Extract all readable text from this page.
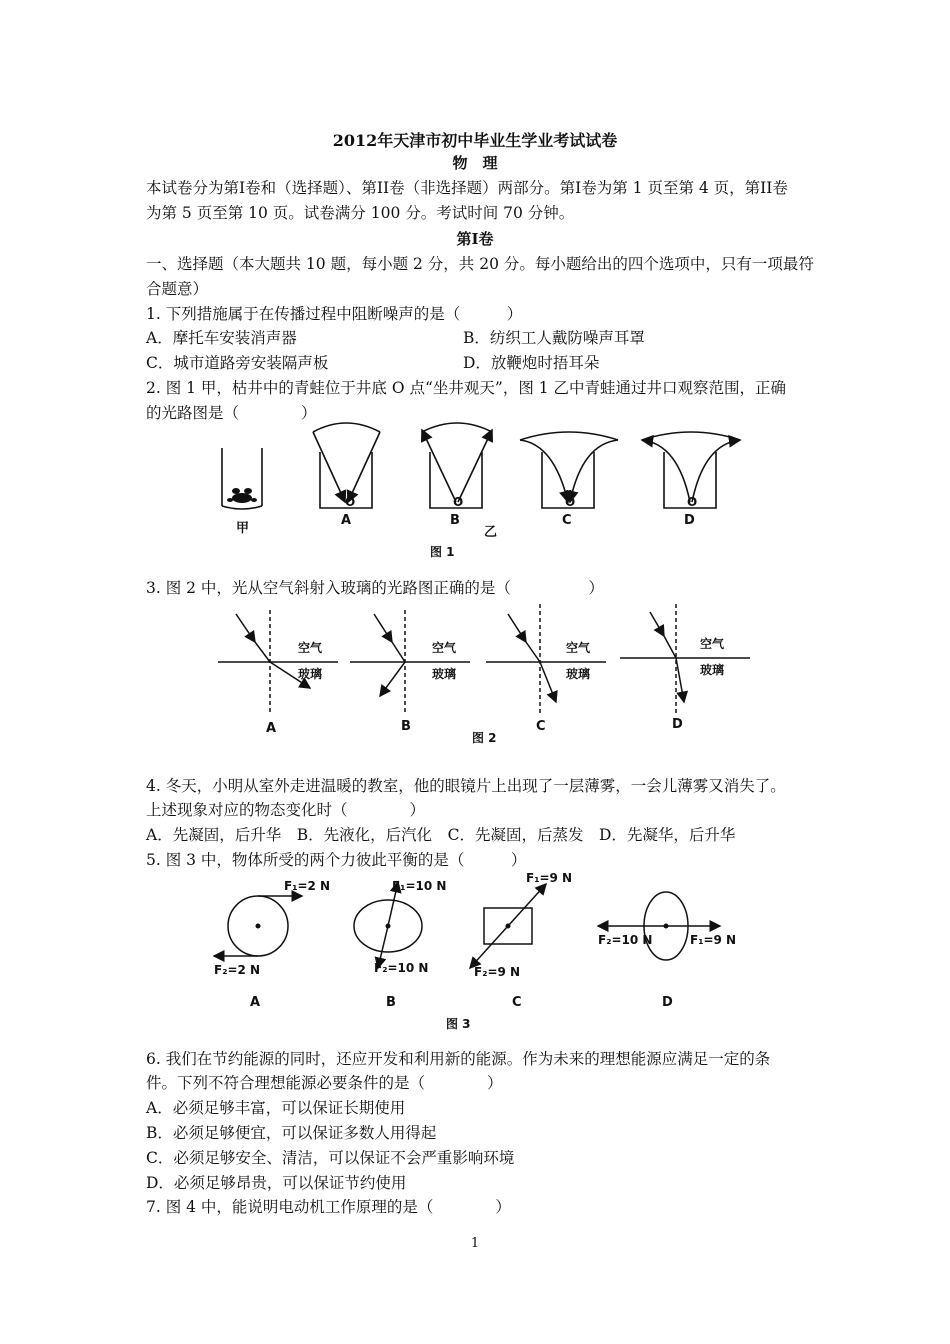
2012年天津市初中毕业生学业考试试卷
物　理
本试卷分为第Ⅰ卷和（选择题）、第II卷（非选择题）两部分。第Ⅰ卷为第 1 页至第 4 页，第II卷
为第 5 页至第 10 页。试卷满分 100 分。考试时间 70 分钟。
第Ⅰ卷
一、选择题（本大题共 10 题，每小题 2 分，共 20 分。每小题给出的四个选项中，只有一项最符
合题意）
1. 下列措施属于在传播过程中阻断噪声的是（　　　）
A．摩托车安装消声器	B．纺织工人戴防噪声耳罩
C．城市道路旁安装隔声板	D．放鞭炮时捂耳朵
2. 图 1 甲，枯井中的青蛙位于井底 O 点“坐井观天”，图 1 乙中青蛙通过井口观察范围，正确
的光路图是（　　　　）
O	O	O	O
甲
A	B
乙
C	D
图 1
3. 图 2 中，光从空气斜射入玻璃的光路图正确的是（　　　　　）
空气
玻璃
空气
玻璃
空气
玻璃
空气
玻璃
A	B	C	D
图 2
4. 冬天，小明从室外走进温暖的教室，他的眼镜片上出现了一层薄雾，一会儿薄雾又消失了。
上述现象对应的物态变化时（　　　　）
A．先凝固，后升华　B．先液化，后汽化　C．先凝固，后蒸发　D．先凝华，后升华
5. 图 3 中，物体所受的两个力彼此平衡的是（　　　）
F₁=2 N
F₂=2 N
F₁=10 N
F₂=10 N
F₁=9 N
F₂=9 N
F₂=10 N	F₁=9 N
A	B	C	D
图 3
6. 我们在节约能源的同时，还应开发和利用新的能源。作为未来的理想能源应满足一定的条
件。下列不符合理想能源必要条件的是（　　　　）
A．必须足够丰富，可以保证长期使用
B．必须足够便宜，可以保证多数人用得起
C．必须足够安全、清洁，可以保证不会严重影响环境
D．必须足够昂贵，可以保证节约使用
7. 图 4 中，能说明电动机工作原理的是（　　　　）
1
